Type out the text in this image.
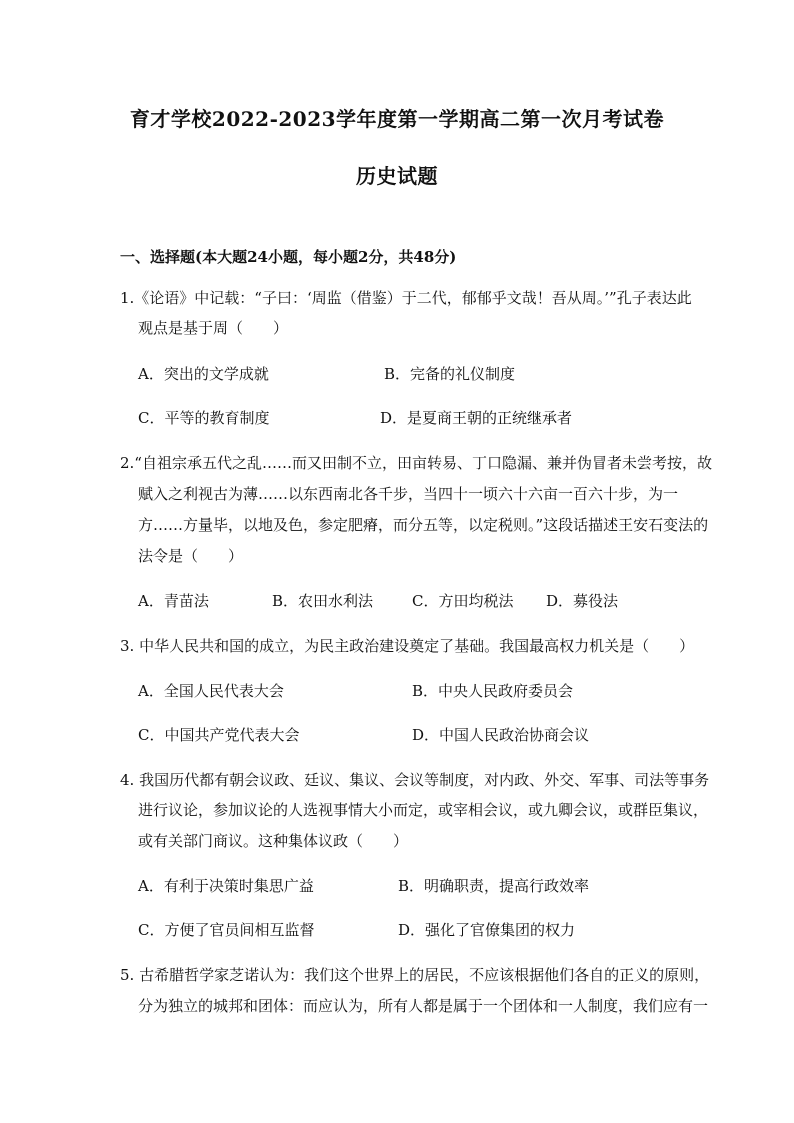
育才学校2022-2023学年度第一学期高二第一次月考试卷
历史试题
一、选择题(本大题24小题，每小题2分，共48分)
1.《论语》中记载：“子曰：‘周监（借鉴）于二代，郁郁乎文哉！吾从周。’”孔子表达此
观点是基于周（　　）
A．突出的文学成就	B．完备的礼仪制度
C．平等的教育制度	D．是夏商王朝的正统继承者
2.“自祖宗承五代之乱……而又田制不立，田亩转易、丁口隐漏、兼并伪冒者未尝考按，故
赋入之利视古为薄……以东西南北各千步，当四十一顷六十六亩一百六十步，为一
方……方量毕，以地及色，参定肥瘠，而分五等，以定税则。”这段话描述王安石变法的
法令是（　　）
A．青苗法	B．农田水利法	C．方田均税法 D．募役法
3. 中华人民共和国的成立，为民主政治建设奠定了基础。我国最高权力机关是（　　）
A．全国人民代表大会	B．中央人民政府委员会
C．中国共产党代表大会	D．中国人民政治协商会议
4. 我国历代都有朝会议政、廷议、集议、会议等制度，对内政、外交、军事、司法等事务
进行议论，参加议论的人选视事情大小而定，或宰相会议，或九卿会议，或群臣集议，
或有关部门商议。这种集体议政（　　）
A．有利于决策时集思广益	B．明确职责，提高行政效率
C．方便了官员间相互监督	D．强化了官僚集团的权力
5. 古希腊哲学家芝诺认为：我们这个世界上的居民，不应该根据他们各自的正义的原则，
分为独立的城邦和团体：而应认为，所有人都是属于一个团体和一人制度，我们应有一
